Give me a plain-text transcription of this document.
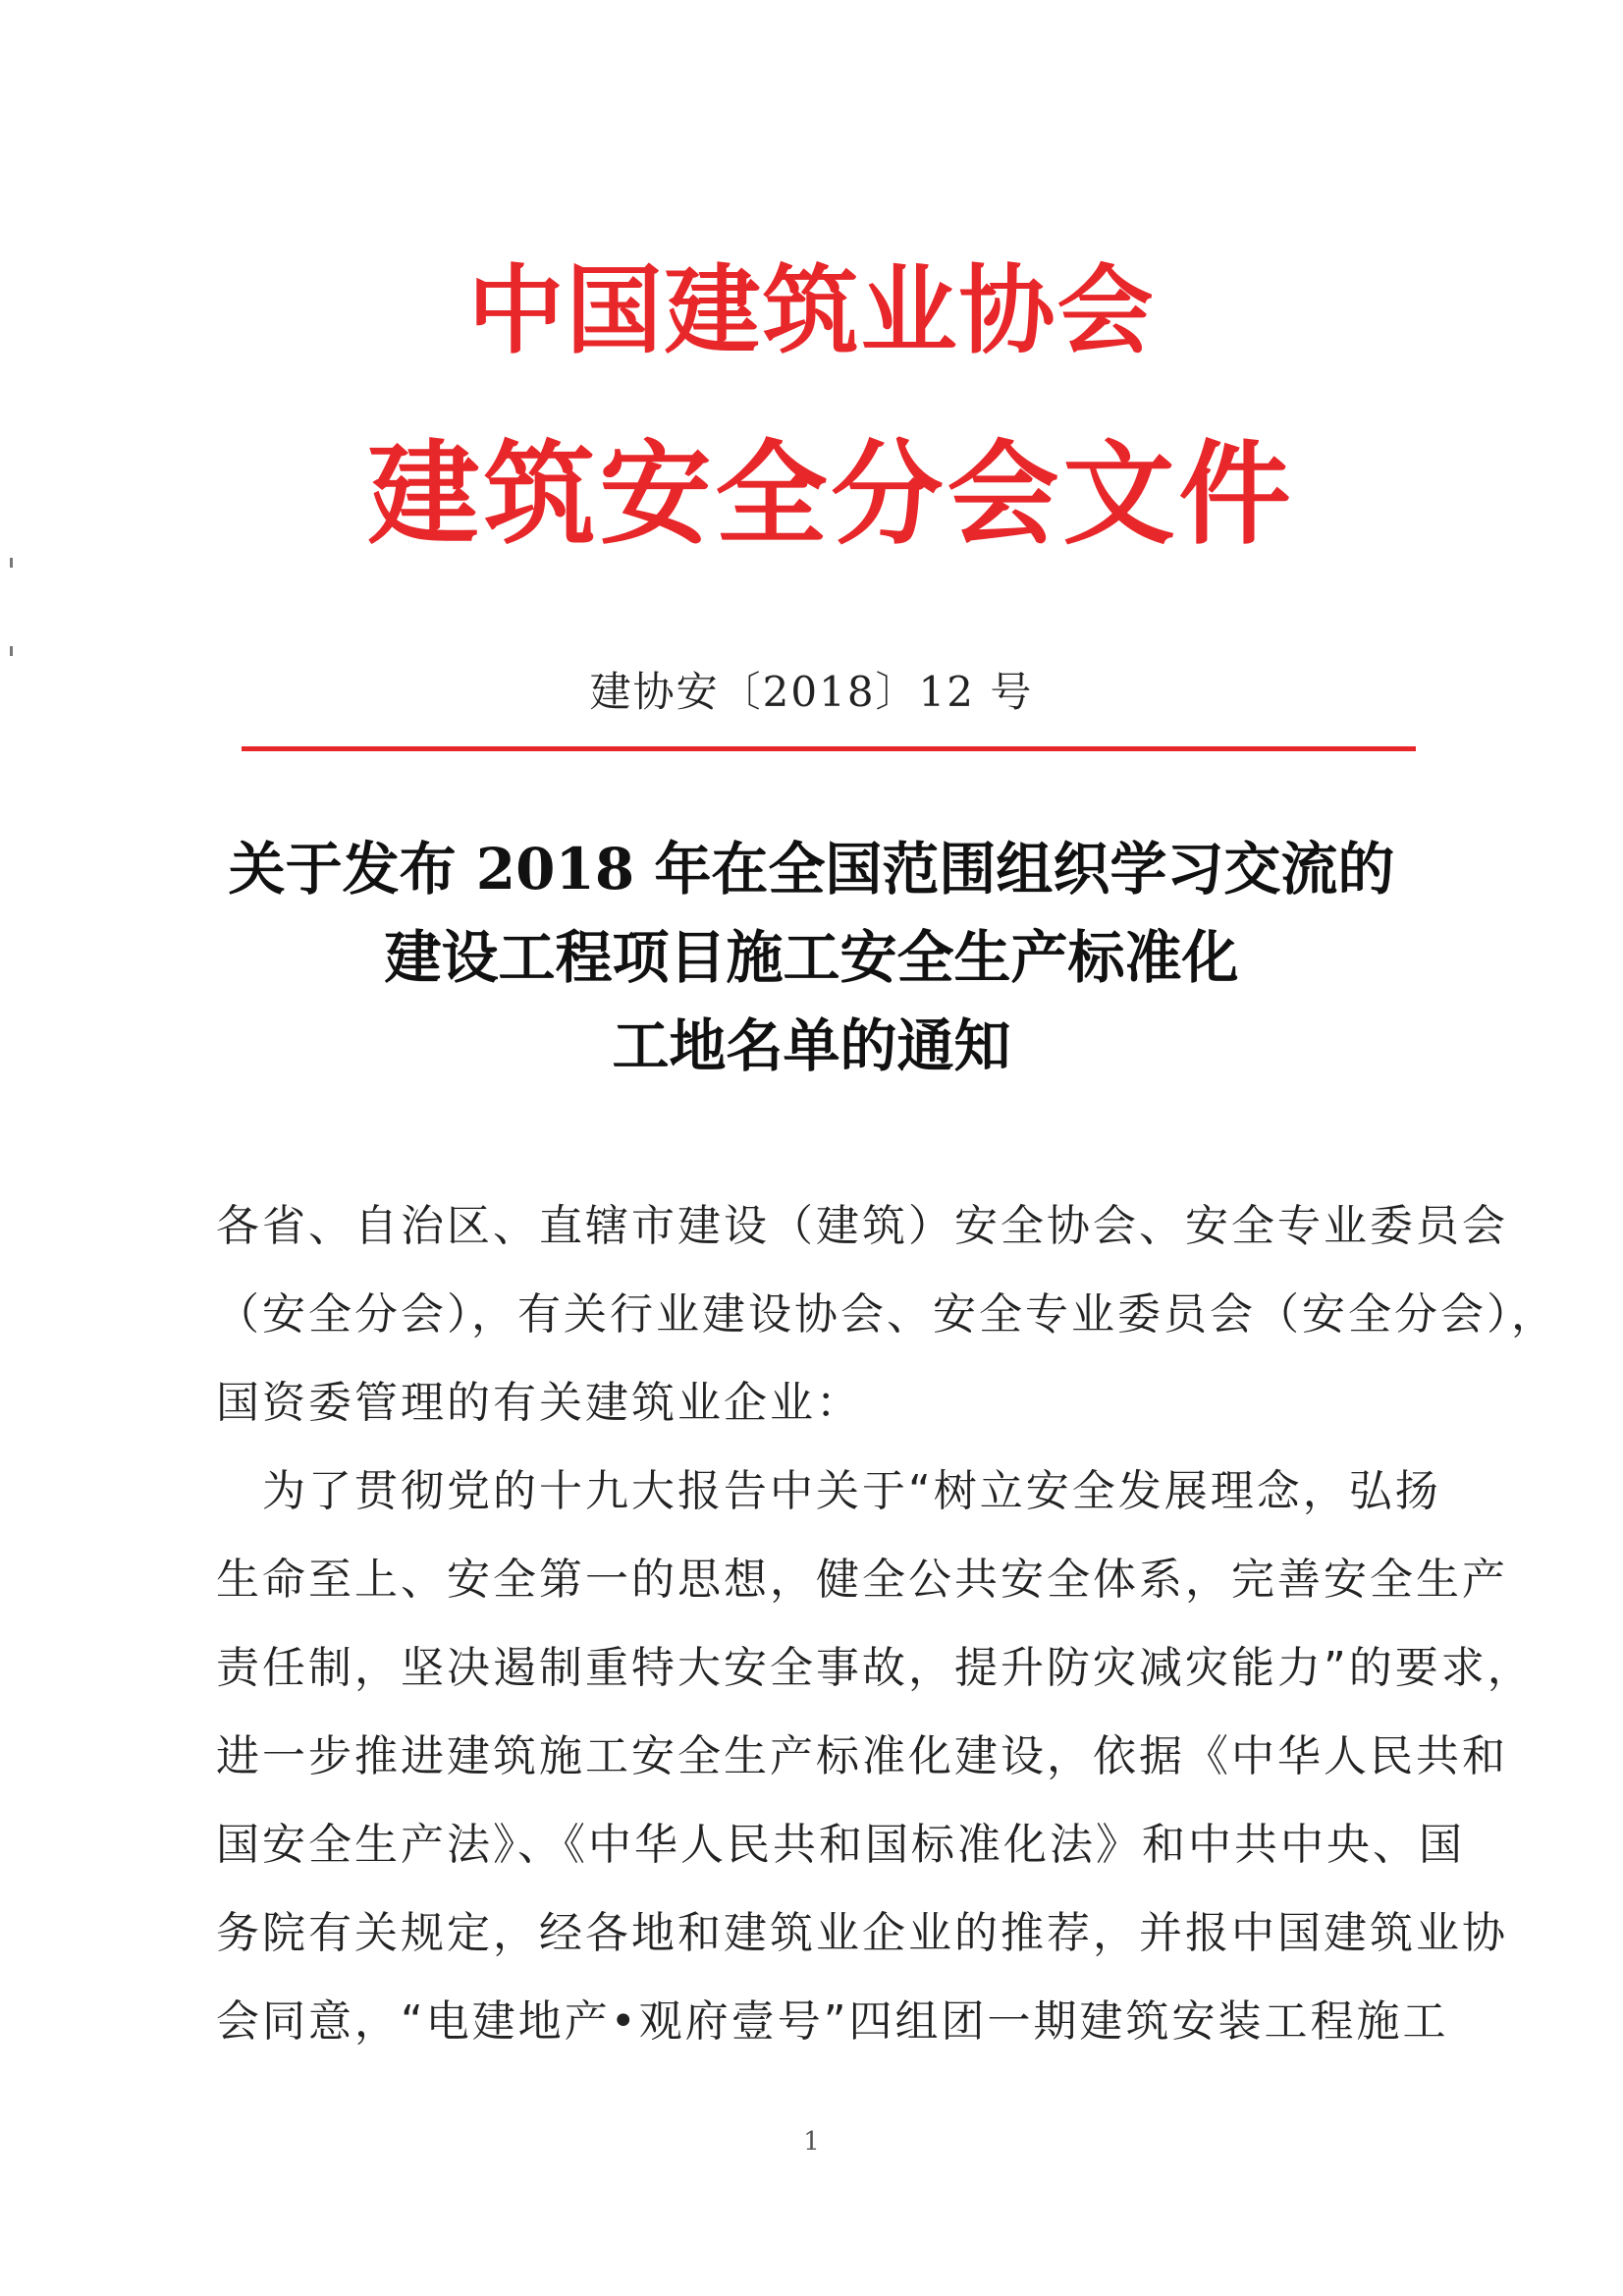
中国建筑业协会
建筑安全分会文件
建协安〔2018〕12 号
关于发布 2018 年在全国范围组织学习交流的
建设工程项目施工安全生产标准化
工地名单的通知
各省、自治区、直辖市建设（建筑）安全协会、安全专业委员会
（安全分会），有关行业建设协会、安全专业委员会（安全分会），
国资委管理的有关建筑业企业：
　为了贯彻党的十九大报告中关于“树立安全发展理念，弘扬
生命至上、安全第一的思想，健全公共安全体系，完善安全生产
责任制，坚决遏制重特大安全事故，提升防灾减灾能力”的要求，
进一步推进建筑施工安全生产标准化建设，依据《中华人民共和
国安全生产法》、《中华人民共和国标准化法》和中共中央、国
务院有关规定，经各地和建筑业企业的推荐，并报中国建筑业协
会同意，“电建地产•观府壹号”四组团一期建筑安装工程施工
1
